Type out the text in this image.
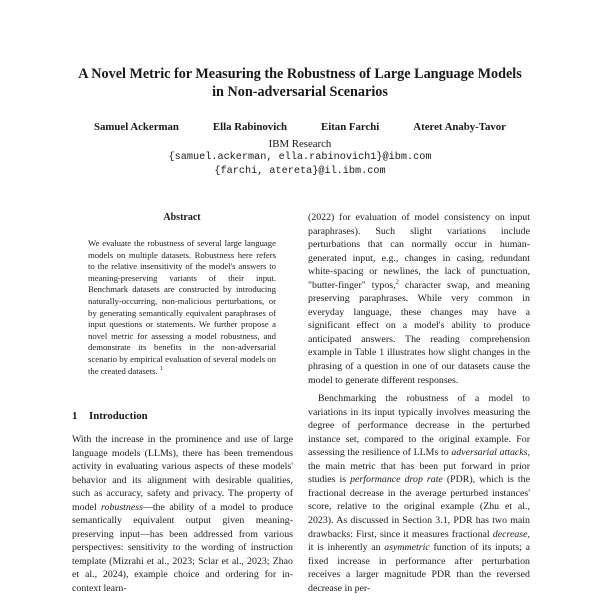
A Novel Metric for Measuring the Robustness of Large Language Models
in Non-adversarial Scenarios
Samuel Ackerman	Ella Rabinovich	Eitan Farchi	Ateret Anaby-Tavor
IBM Research
{samuel.ackerman, ella.rabinovich1}@ibm.com
{farchi, atereta}@il.ibm.com
Abstract
We evaluate the robustness of several large language models on multiple datasets. Robustness here refers to the relative insensitivity of the model's answers to meaning-preserving variants of their input. Benchmark datasets are constructed by introducing naturally-occurring, non-malicious perturbations, or by generating semantically equivalent paraphrases of input questions or statements. We further propose a novel metric for assessing a model robustness, and demonstrate its benefits in the non-adversarial scenario by empirical evaluation of several models on the created datasets. $^1$
1 Introduction

With the increase in the prominence and use of large language models (LLMs), there has been tremendous activity in evaluating various aspects of these models' behavior and its alignment with desirable qualities, such as accuracy, safety and privacy. The property of model robustness—the ability of a model to produce semantically equivalent output given meaning-preserving input—has been addressed from various perspectives: sensitivity to the wording of instruction template (Mizrahi et al., 2023; Sclar et al., 2023; Zhao et al., 2024), example choice and ordering for in-context learn-

(2022) for evaluation of model consistency on input paraphrases). Such slight variations include perturbations that can normally occur in human-generated input, e.g., changes in casing, redundant white-spacing or newlines, the lack of punctuation, "butter-finger" typos,$^2$ character swap, and meaning preserving paraphrases. While very common in everyday language, these changes may have a significant effect on a model's ability to produce anticipated answers. The reading comprehension example in Table 1 illustrates how slight changes in the phrasing of a question in one of our datasets cause the model to generate different responses.

Benchmarking the robustness of a model to variations in its input typically involves measuring the degree of performance decrease in the perturbed instance set, compared to the original example. For assessing the resilience of LLMs to adversarial attacks, the main metric that has been put forward in prior studies is performance drop rate (PDR), which is the fractional decrease in the average perturbed instances' score, relative to the original example (Zhu et al., 2023). As discussed in Section 3.1, PDR has two main drawbacks: First, since it measures fractional decrease, it is inherently an asymmetric function of its inputs; a fixed increase in performance after perturbation receives a larger magnitude PDR than the reversed decrease in per-
